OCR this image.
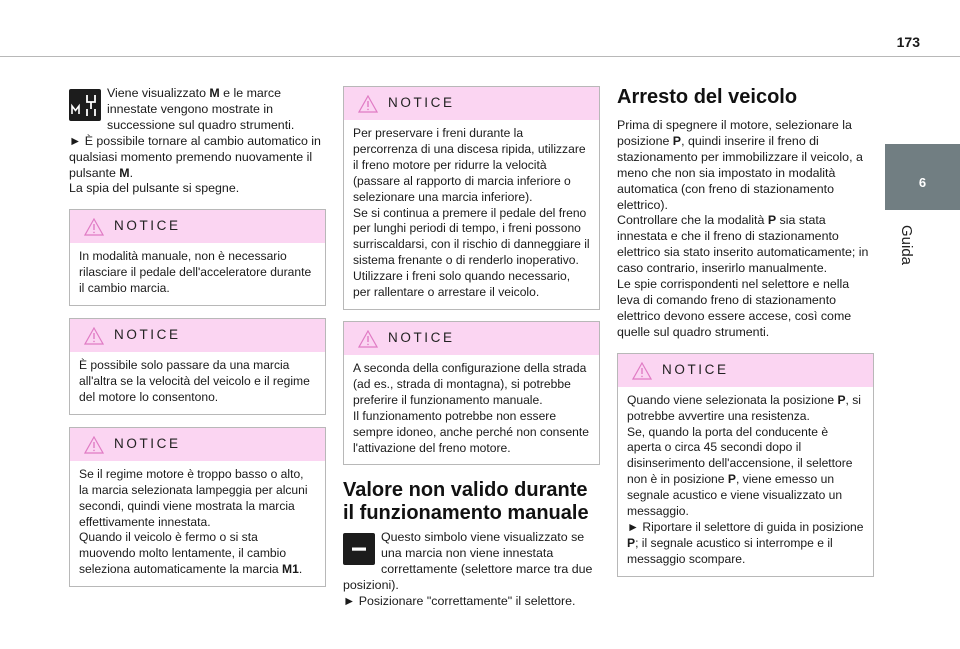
173
6
Guida
Viene visualizzato M e le marce innestate vengono mostrate in successione sul quadro strumenti.
► È possibile tornare al cambio automatico in qualsiasi momento premendo nuovamente il pulsante M.
La spia del pulsante si spegne.
NOTICE
In modalità manuale, non è necessario rilasciare il pedale dell'acceleratore durante il cambio marcia.
NOTICE
È possibile solo passare da una marcia all'altra se la velocità del veicolo e il regime del motore lo consentono.
NOTICE
Se il regime motore è troppo basso o alto, la marcia selezionata lampeggia per alcuni secondi, quindi viene mostrata la marcia effettivamente innestata.
Quando il veicolo è fermo o si sta muovendo molto lentamente, il cambio seleziona automaticamente la marcia M1.
NOTICE
Per preservare i freni durante la percorrenza di una discesa ripida, utilizzare il freno motore per ridurre la velocità (passare al rapporto di marcia inferiore o selezionare una marcia inferiore).
Se si continua a premere il pedale del freno per lunghi periodi di tempo, i freni possono surriscaldarsi, con il rischio di danneggiare il sistema frenante o di renderlo inoperativo.
Utilizzare i freni solo quando necessario, per rallentare o arrestare il veicolo.
NOTICE
A seconda della configurazione della strada (ad es., strada di montagna), si potrebbe preferire il funzionamento manuale.
Il funzionamento potrebbe non essere sempre idoneo, anche perché non consente l'attivazione del freno motore.
Valore non valido durante il funzionamento manuale
Questo simbolo viene visualizzato se una marcia non viene innestata correttamente (selettore marce tra due posizioni).
► Posizionare "correttamente" il selettore.
Arresto del veicolo
Prima di spegnere il motore, selezionare la posizione P, quindi inserire il freno di stazionamento per immobilizzare il veicolo, a meno che non sia impostato in modalità automatica (con freno di stazionamento elettrico).
Controllare che la modalità P sia stata innestata e che il freno di stazionamento elettrico sia stato inserito automaticamente; in caso contrario, inserirlo manualmente.
Le spie corrispondenti nel selettore e nella leva di comando freno di stazionamento elettrico devono essere accese, così come quelle sul quadro strumenti.
NOTICE
Quando viene selezionata la posizione P, si potrebbe avvertire una resistenza.
Se, quando la porta del conducente è aperta o circa 45 secondi dopo il disinserimento dell'accensione, il selettore non è in posizione P, viene emesso un segnale acustico e viene visualizzato un messaggio.
► Riportare il selettore di guida in posizione P; il segnale acustico si interrompe e il messaggio scompare.
